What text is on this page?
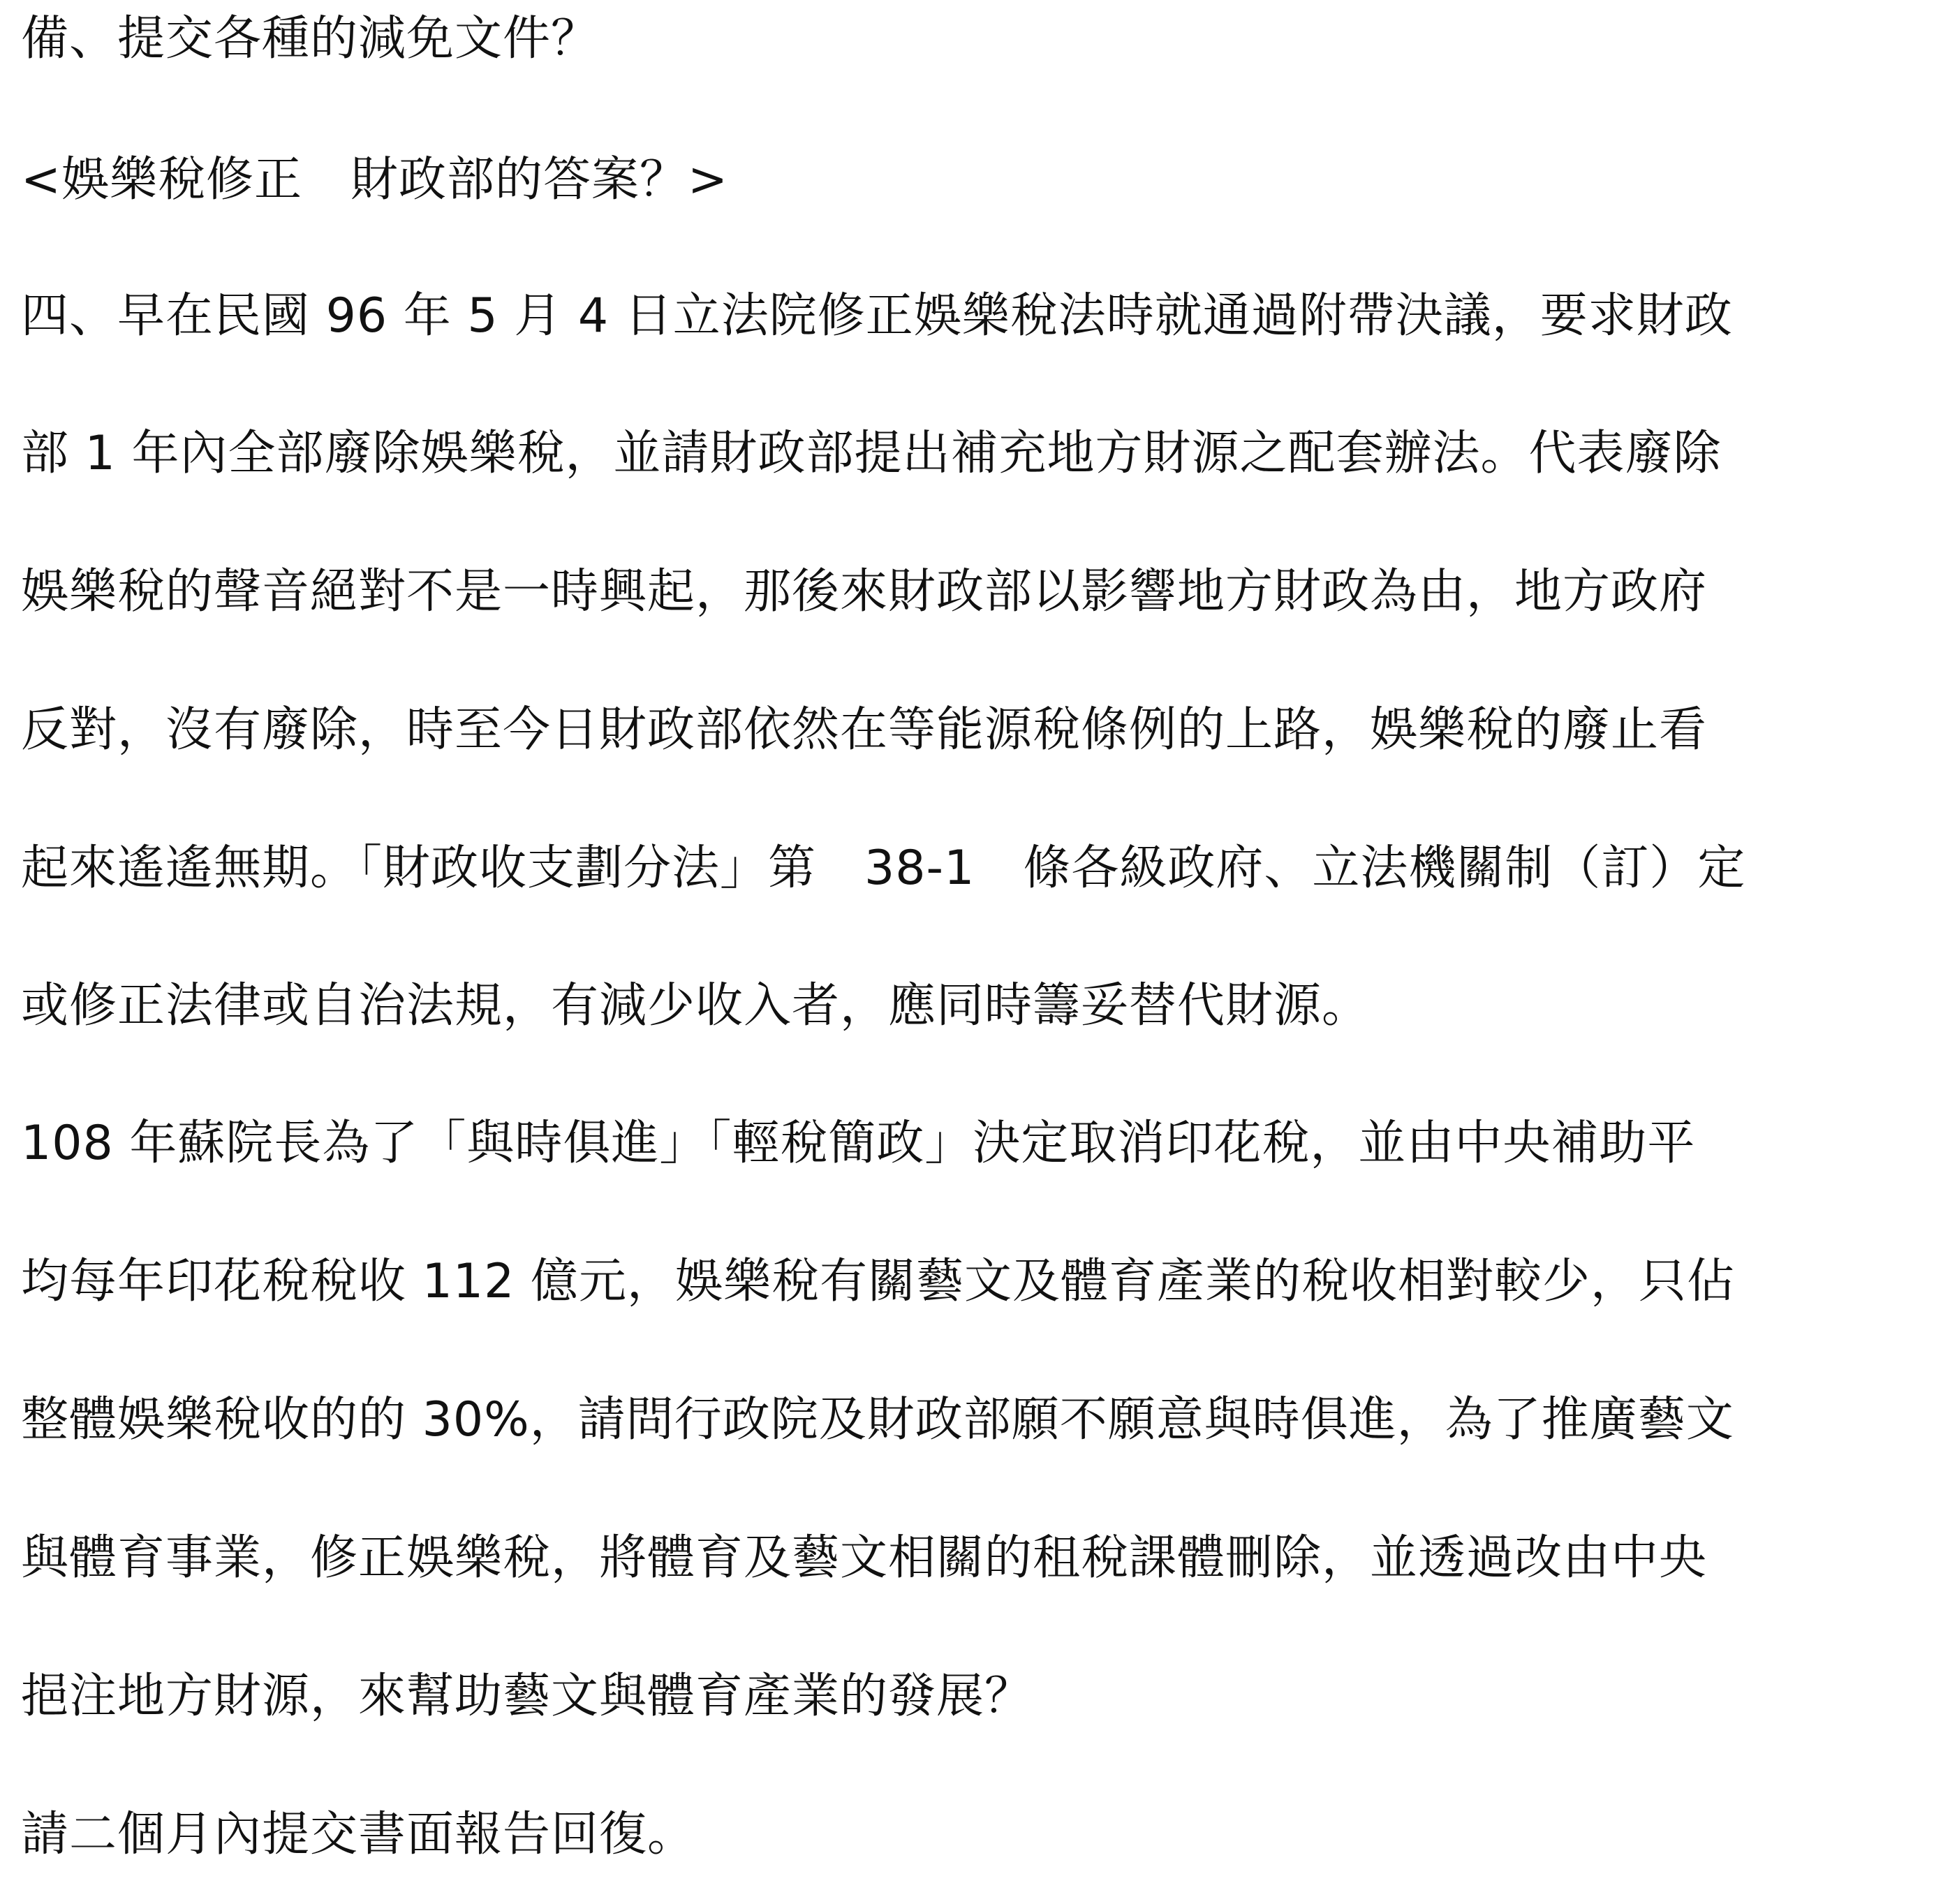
備、提交各種的減免文件？
<娛樂稅修正　財政部的答案？>
四、早在民國 96 年 5 月 4 日立法院修正娛樂稅法時就通過附帶決議，要求財政
部 1 年內全部廢除娛樂稅，並請財政部提出補充地方財源之配套辦法。代表廢除
娛樂稅的聲音絕對不是一時興起，那後來財政部以影響地方財政為由，地方政府
反對，沒有廢除，時至今日財政部依然在等能源稅條例的上路，娛樂稅的廢止看
起來遙遙無期。「財政收支劃分法」第　38-1　條各級政府、立法機關制（訂）定
或修正法律或自治法規，有減少收入者，應同時籌妥替代財源。
108 年蘇院長為了「與時俱進」「輕稅簡政」決定取消印花稅，並由中央補助平
均每年印花稅稅收 112 億元，娛樂稅有關藝文及體育產業的稅收相對較少，只佔
整體娛樂稅收的的 30%，請問行政院及財政部願不願意與時俱進，為了推廣藝文
與體育事業，修正娛樂稅，將體育及藝文相關的租稅課體刪除，並透過改由中央
挹注地方財源，來幫助藝文與體育產業的發展？
請二個月內提交書面報告回復。
